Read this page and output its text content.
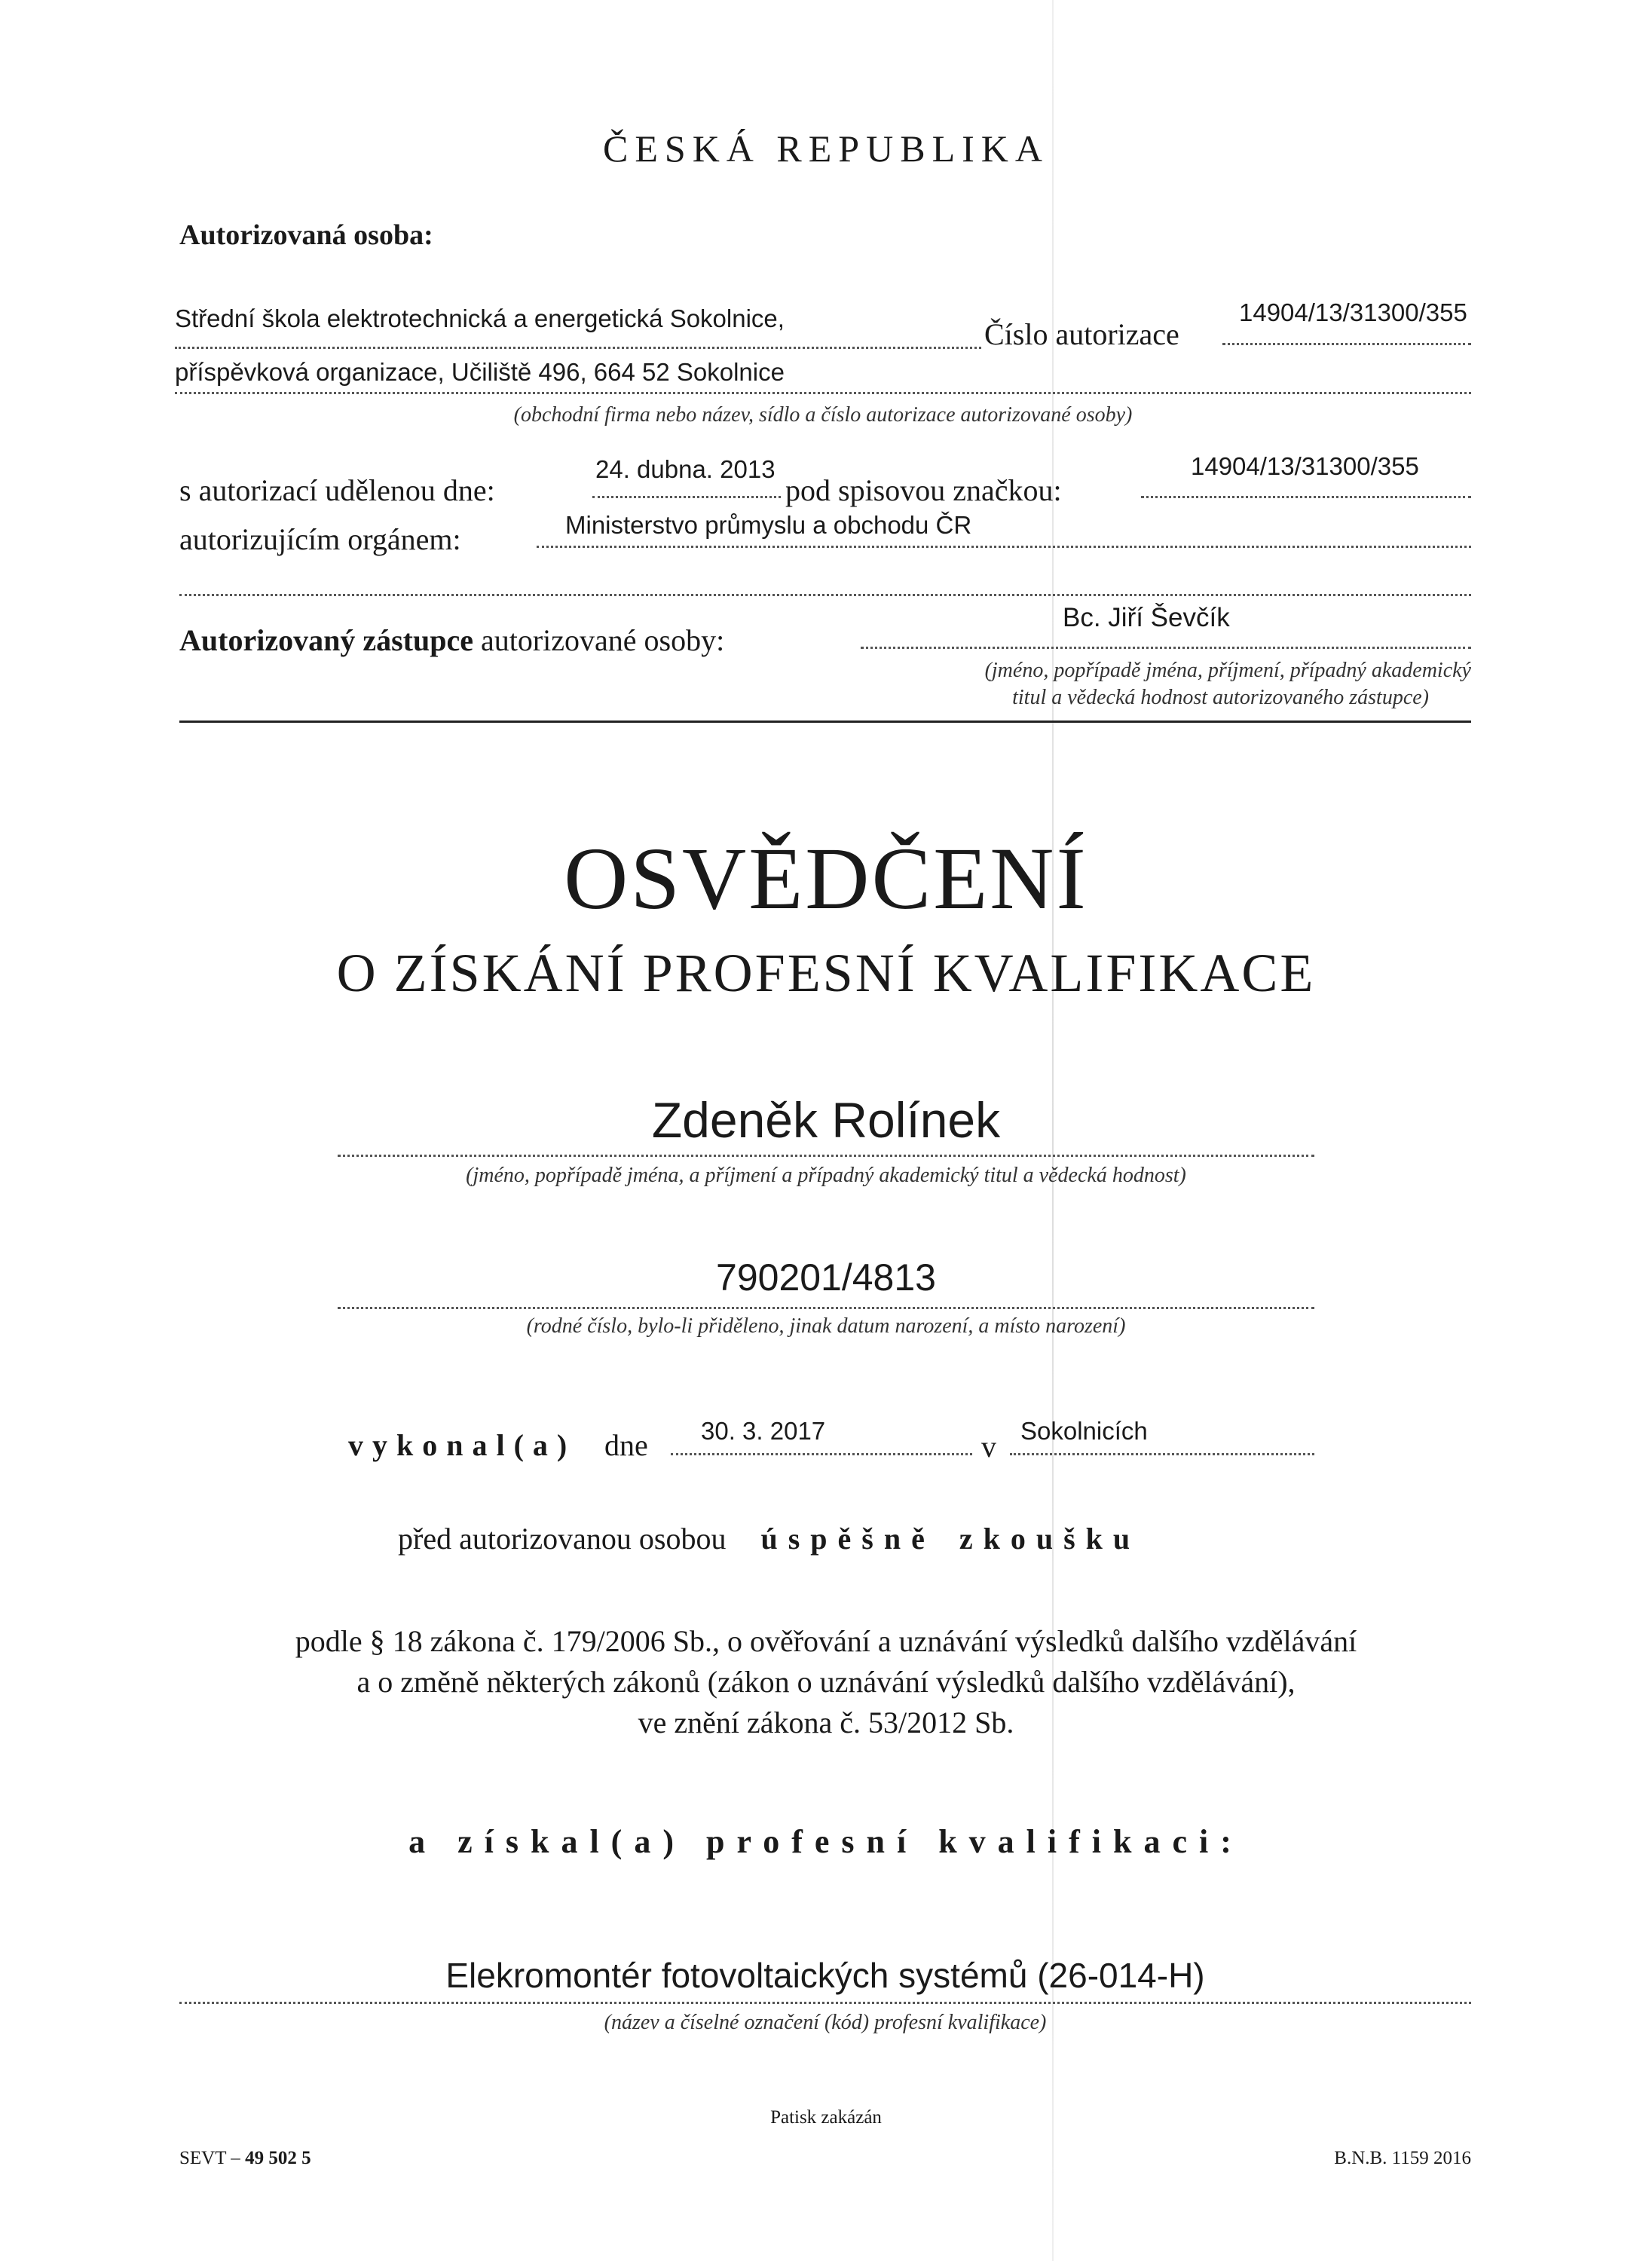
ČESKÁ REPUBLIKA
Autorizovaná osoba:
Střední škola elektrotechnická a energetická Sokolnice,	Číslo autorizace
14904/13/31300/355
příspěvková organizace, Učiliště 496, 664 52 Sokolnice
(obchodní firma nebo název, sídlo a číslo autorizace autorizované osoby)
s autorizací udělenou dne:
24. dubna. 2013
pod spisovou značkou:
14904/13/31300/355
autorizujícím orgánem:	Ministerstvo průmyslu a obchodu ČR
Autorizovaný zástupce autorizované osoby:
Bc. Jiří Ševčík
(jméno, popřípadě jména, příjmení, případný akademický
titul a vědecká hodnost autorizovaného zástupce)
OSVĚDČENÍ
O ZÍSKÁNÍ PROFESNÍ KVALIFIKACE
Zdeněk Rolínek
(jméno, popřípadě jména, a příjmení a případný akademický titul a vědecká hodnost)
790201/4813
(rodné číslo, bylo-li přiděleno, jinak datum narození, a místo narození)
vykonal(a) dne 30. 3. 2017	v Sokolnicích
před autorizovanou osobou úspěšně zkoušku
podle § 18 zákona č. 179/2006 Sb., o ověřování a uznávání výsledků dalšího vzdělávání
a o změně některých zákonů (zákon o uznávání výsledků dalšího vzdělávání),
ve znění zákona č. 53/2012 Sb.
a získal(a) profesní kvalifikaci:
Elekromontér fotovoltaických systémů (26-014-H)
(název a číselné označení (kód) profesní kvalifikace)
Patisk zakázán
SEVT – 49 502 5	B.N.B. 1159 2016
